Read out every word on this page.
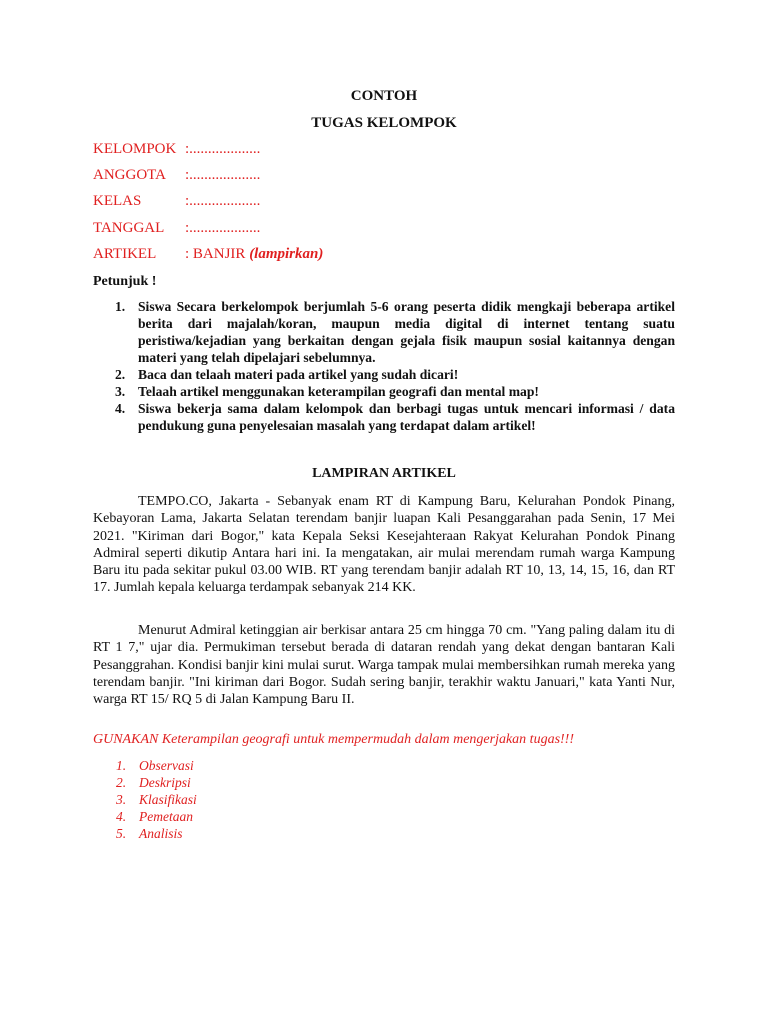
CONTOH
TUGAS KELOMPOK
KELOMPOK :...................
ANGGOTA :...................
KELAS	:...................
TANGGAL :...................
ARTIKEL : BANJIR (lampirkan)
Petunjuk !
1. Siswa Secara berkelompok berjumlah 5-6 orang peserta didik mengkaji beberapa artikel berita dari majalah/koran, maupun media digital di internet tentang suatu peristiwa/kejadian yang berkaitan dengan gejala fisik maupun sosial kaitannya dengan materi yang telah dipelajari sebelumnya.
2. Baca dan telaah materi pada artikel yang sudah dicari!
3. Telaah artikel menggunakan keterampilan geografi dan mental map!
4. Siswa bekerja sama dalam kelompok dan berbagi tugas untuk mencari informasi / data pendukung guna penyelesaian masalah yang terdapat dalam artikel!
LAMPIRAN ARTIKEL

TEMPO.CO, Jakarta - Sebanyak enam RT di Kampung Baru, Kelurahan Pondok Pinang, Kebayoran Lama, Jakarta Selatan terendam banjir luapan Kali Pesanggarahan pada Senin, 17 Mei 2021. "Kiriman dari Bogor," kata Kepala Seksi Kesejahteraan Rakyat Kelurahan Pondok Pinang Admiral seperti dikutip Antara hari ini. Ia mengatakan, air mulai merendam rumah warga Kampung Baru itu pada sekitar pukul 03.00 WIB. RT yang terendam banjir adalah RT 10, 13, 14, 15, 16, dan RT 17. Jumlah kepala keluarga terdampak sebanyak 214 KK.

Menurut Admiral ketinggian air berkisar antara 25 cm hingga 70 cm. "Yang paling dalam itu di RT 1 7," ujar dia. Permukiman tersebut berada di dataran rendah yang dekat dengan bantaran Kali Pesanggrahan. Kondisi banjir kini mulai surut. Warga tampak mulai membersihkan rumah mereka yang terendam banjir. "Ini kiriman dari Bogor. Sudah sering banjir, terakhir waktu Januari," kata Yanti Nur, warga RT 15/ RQ 5 di Jalan Kampung Baru II.

GUNAKAN Keterampilan geografi untuk mempermudah dalam mengerjakan tugas!!!
1. Observasi
2. Deskripsi
3. Klasifikasi
4. Pemetaan
5. Analisis
